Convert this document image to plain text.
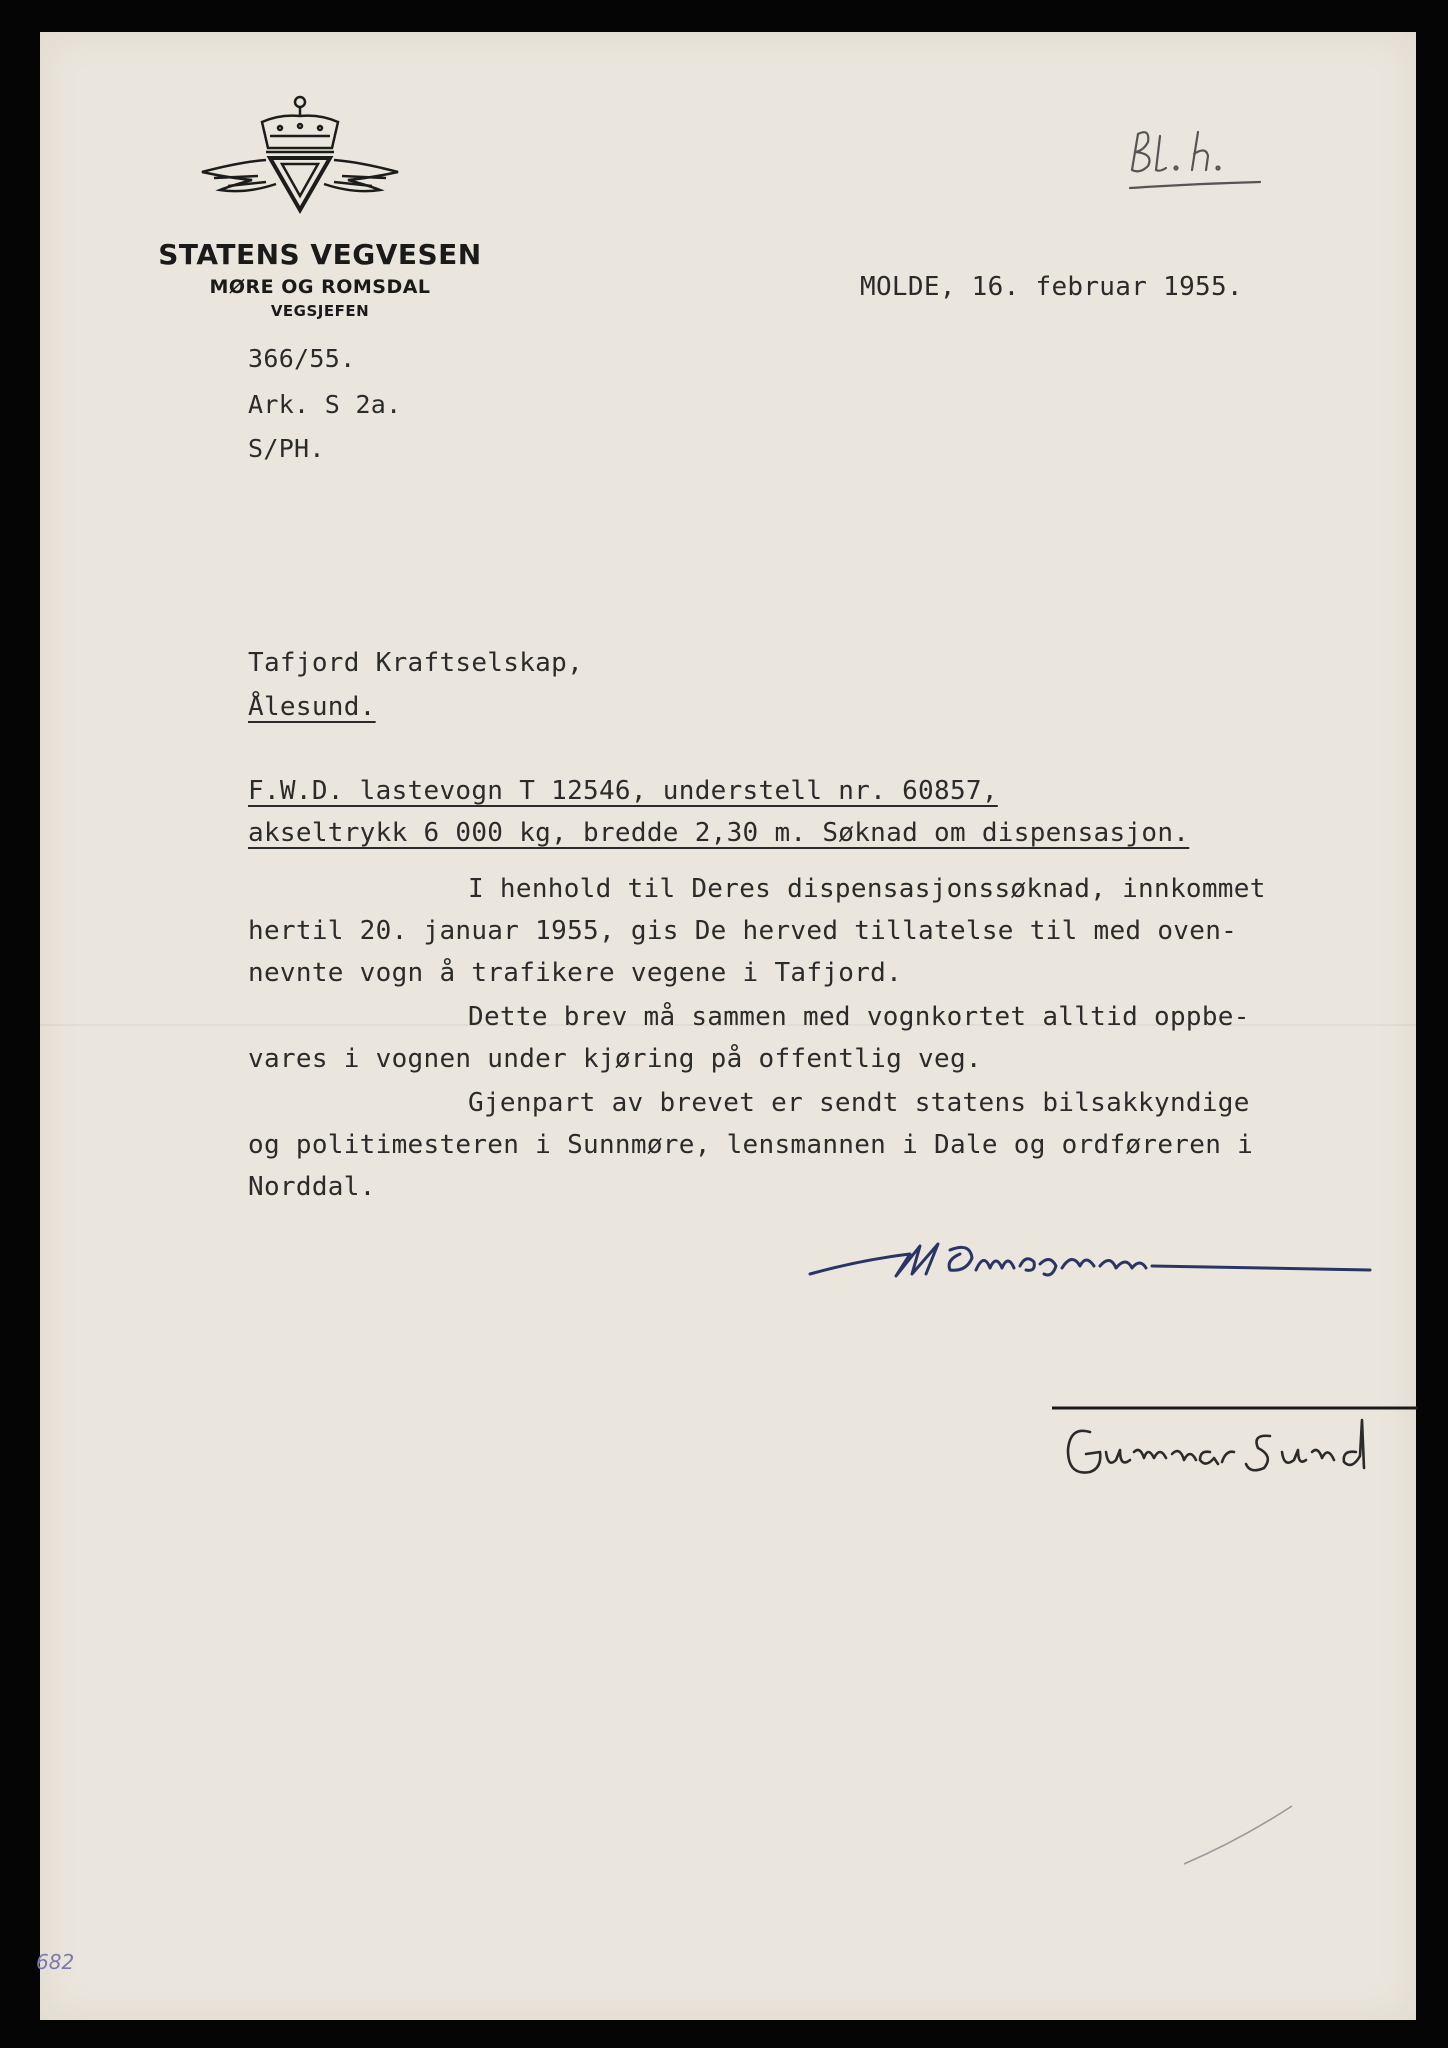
STATENS VEGVESEN
MØRE OG ROMSDAL
VEGSJEFEN
MOLDE, 16. februar 1955.
366/55.
Ark. S 2a.
S/PH.
Tafjord Kraftselskap,
Ålesund.
F.W.D. lastevogn T 12546, understell nr. 60857,
akseltrykk 6 000 kg, bredde 2,30 m. Søknad om dispensasjon.
I henhold til Deres dispensasjonssøknad, innkommet
hertil 20. januar 1955, gis De herved tillatelse til med oven-
nevnte vogn å trafikere vegene i Tafjord.
Dette brev må sammen med vognkortet alltid oppbe-
vares i vognen under kjøring på offentlig veg.
Gjenpart av brevet er sendt statens bilsakkyndige
og politimesteren i Sunnmøre, lensmannen i Dale og ordføreren i
Norddal.
682
